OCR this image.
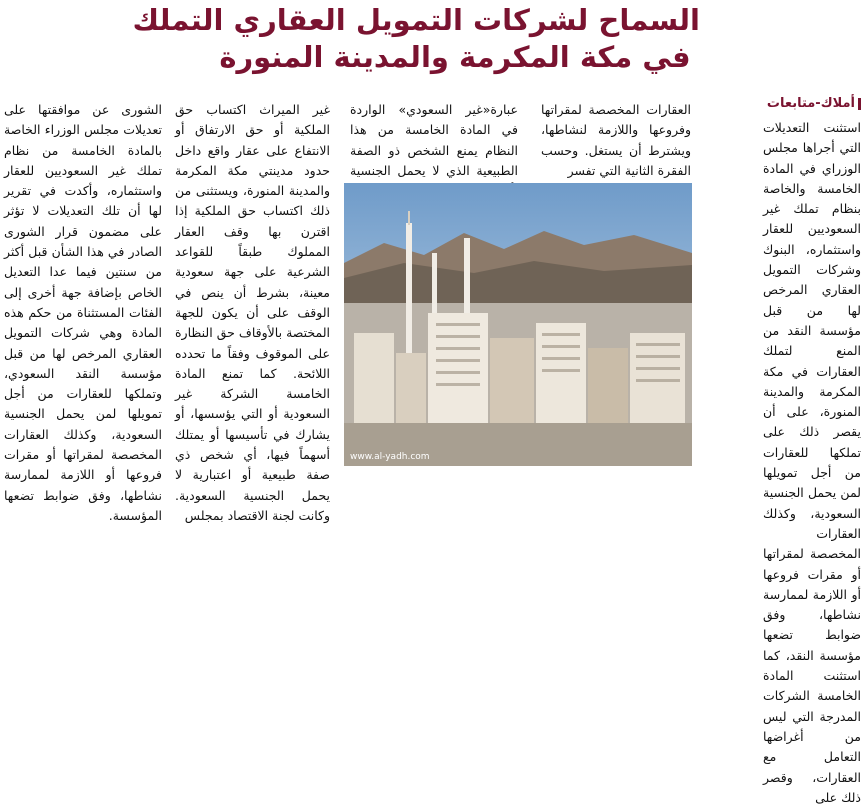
السماح لشركات التمويل العقاري التملك
في مكة المكرمة والمدينة المنورة
أملاك-متابعات

استثنت التعديلات التي أجراها مجلس الوزراي في المادة الخامسة والخاصة بنظام تملك غير السعوديين للعقار واستثماره، البنوك وشركات التمويل العقاري المرخص لها من قبل مؤسسة النقد من المنع لتملك العقارات في مكة المكرمة والمدينة المنورة، على أن يقصر ذلك على تملكها للعقارات من أجل تمويلها لمن يحمل الجنسية السعودية، وكذلك العقارات المخصصة لمقراتها أو مقرات فروعها أو اللازمة لممارسة نشاطها، وفق ضوابط تضعها مؤسسة النقد، كما استثنت المادة الخامسة الشركات المدرجة التي ليس من أغراضها التعامل مع العقارات، وقصر ذلك على

العقارات المخصصة لمقراتها وفروعها واللازمة لنشاطها، ويشترط أن يستغل. وحسب الفقرة الثانية التي تفسر

عبارة«غير السعودي» الواردة في المادة الخامسة من هذا النظام يمنع الشخص ذو الصفة الطبيعية الذي لا يحمل الجنسية

غير الميراث اكتساب حق الملكية أو حق الارتفاق أو الانتفاع على عقار واقع داخل حدود مدينتي مكة المكرمة والمدينة المنورة، ويستثنى من ذلك اكتساب حق الملكية إذا اقترن بها وقف العقار المملوك طبقاً للقواعد الشرعية على جهة سعودية معينة، بشرط أن ينص في الوقف على أن يكون للجهة المختصة بالأوقاف حق النظارة على الموقوف وفقاً ما تحدده اللائحة. كما تمنع المادة الخامسة الشركة غير السعودية أو التي يؤسسها، أو يشارك في تأسيسها أو يمتلك أسهماً فيها، أي شخص ذي صفة طبيعية أو اعتبارية لا يحمل الجنسية السعودية. وكانت لجنة الاقتصاد بمجلس

الشورى عن موافقتها على تعديلات مجلس الوزراء الخاصة بالمادة الخامسة من نظام تملك غير السعوديين للعقار واستثماره، وأكدت في تقرير لها أن تلك التعديلات لا تؤثر على مضمون قرار الشورى الصادر في هذا الشأن قبل أكثر من سنتين فيما عدا التعديل الخاص بإضافة جهة أخرى إلى الفئات المستثناة من حكم هذه المادة وهي شركات التمويل العقاري المرخص لها من قبل مؤسسة النقد السعودي، وتملكها للعقارات من أجل تمويلها لمن يحمل الجنسية السعودية، وكذلك العقارات المخصصة لمقراتها أو مقرات فروعها أو اللازمة لممارسة نشاطها، وفق ضوابط تضعها المؤسسة.

www.al-yadh.com
